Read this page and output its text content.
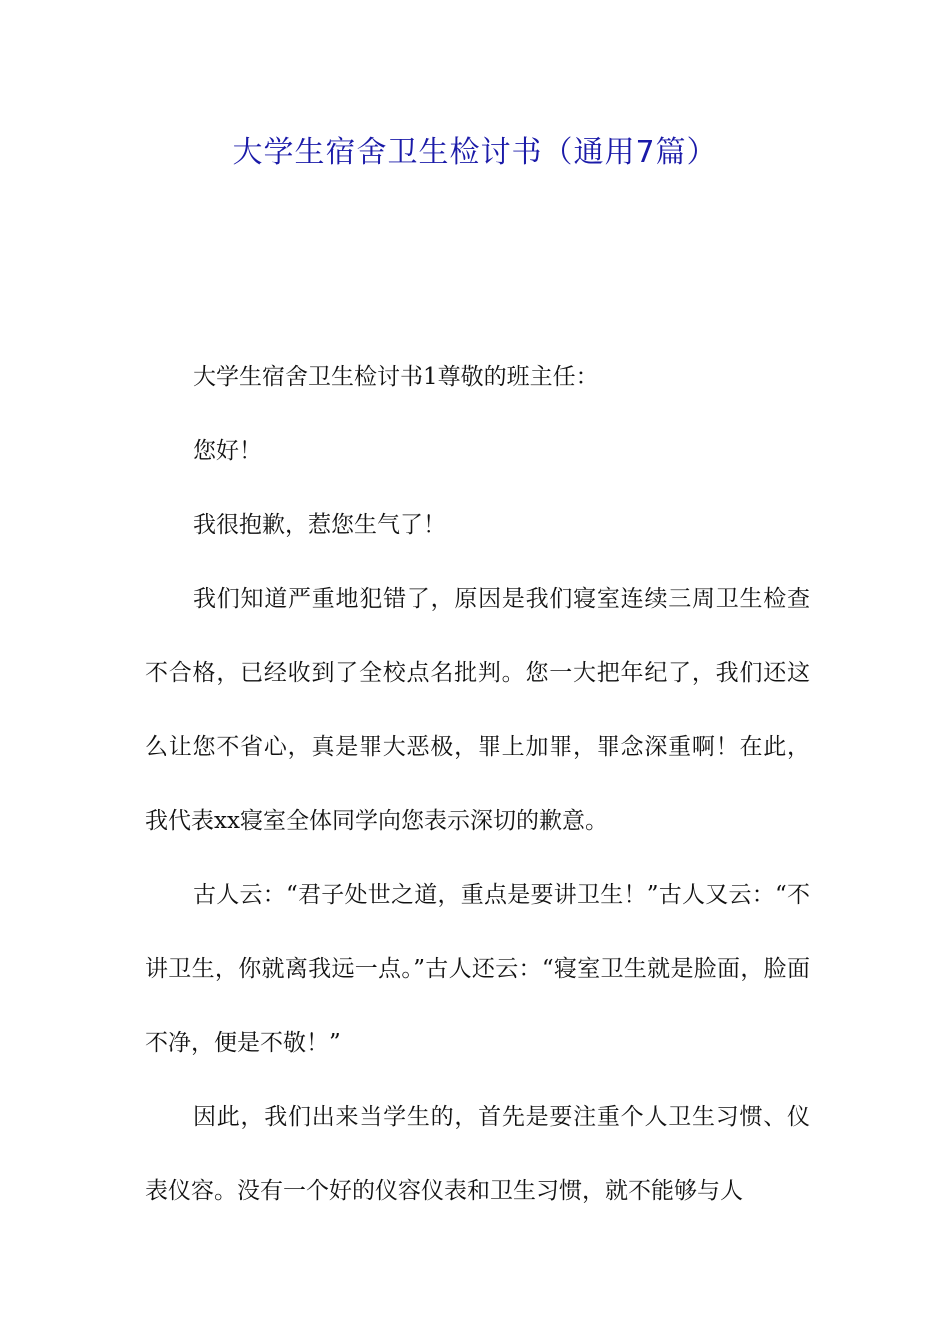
大学生宿舍卫生检讨书（通用7篇）

大学生宿舍卫生检讨书1尊敬的班主任：

您好！

我很抱歉，惹您生气了！

我们知道严重地犯错了，原因是我们寝室连续三周卫生检查不合格，已经收到了全校点名批判。您一大把年纪了，我们还这么让您不省心，真是罪大恶极，罪上加罪，罪念深重啊！在此，我代表xx寝室全体同学向您表示深切的歉意。

古人云：“君子处世之道，重点是要讲卫生！”古人又云：“不讲卫生，你就离我远一点。”古人还云：“寝室卫生就是脸面，脸面不净，便是不敬！”

因此，我们出来当学生的，首先是要注重个人卫生习惯、仪表仪容。没有一个好的仪容仪表和卫生习惯，就不能够与人
